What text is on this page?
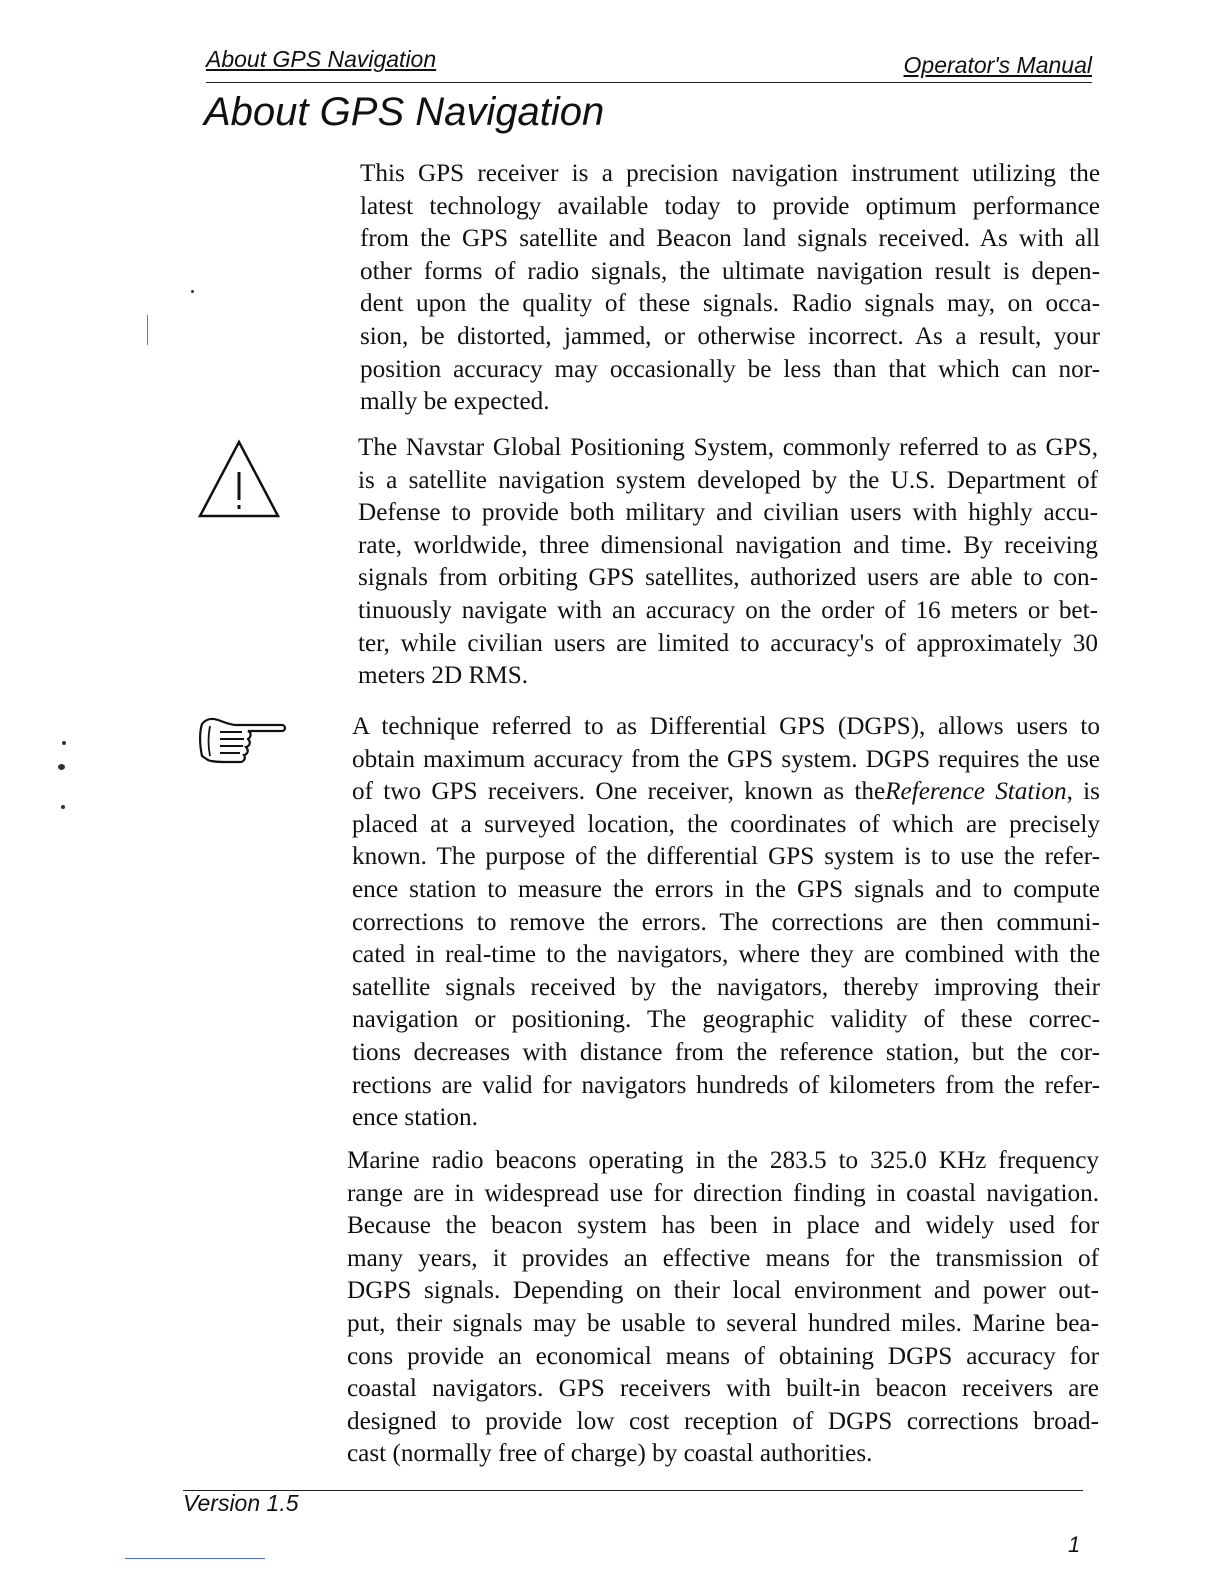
About GPS Navigation	Operator's Manual
About GPS Navigation
This GPS receiver is a precision navigation instrument utilizing the
latest technology available today to provide optimum performance
from the GPS satellite and Beacon land signals received. As with all
other forms of radio signals, the ultimate navigation result is depen-
dent upon the quality of these signals. Radio signals may, on occa-
sion, be distorted, jammed, or otherwise incorrect. As a result, your
position accuracy may occasionally be less than that which can nor-
mally be expected.
The Navstar Global Positioning System, commonly referred to as GPS,
is a satellite navigation system developed by the U.S. Department of
Defense to provide both military and civilian users with highly accu-
rate, worldwide, three dimensional navigation and time. By receiving
signals from orbiting GPS satellites, authorized users are able to con-
tinuously navigate with an accuracy on the order of 16 meters or bet-
ter, while civilian users are limited to accuracy's of approximately 30
meters 2D RMS.
A technique referred to as Differential GPS (DGPS), allows users to
obtain maximum accuracy from the GPS system. DGPS requires the use
of two GPS receivers. One receiver, known as theReference Station, is
placed at a surveyed location, the coordinates of which are precisely
known. The purpose of the differential GPS system is to use the refer-
ence station to measure the errors in the GPS signals and to compute
corrections to remove the errors. The corrections are then communi-
cated in real-time to the navigators, where they are combined with the
satellite signals received by the navigators, thereby improving their
navigation or positioning. The geographic validity of these correc-
tions decreases with distance from the reference station, but the cor-
rections are valid for navigators hundreds of kilometers from the refer-
ence station.
Marine radio beacons operating in the 283.5 to 325.0 KHz frequency
range are in widespread use for direction finding in coastal navigation.
Because the beacon system has been in place and widely used for
many years, it provides an effective means for the transmission of
DGPS signals. Depending on their local environment and power out-
put, their signals may be usable to several hundred miles. Marine bea-
cons provide an economical means of obtaining DGPS accuracy for
coastal navigators. GPS receivers with built-in beacon receivers are
designed to provide low cost reception of DGPS corrections broad-
cast (normally free of charge) by coastal authorities.
Version 1.5
1
